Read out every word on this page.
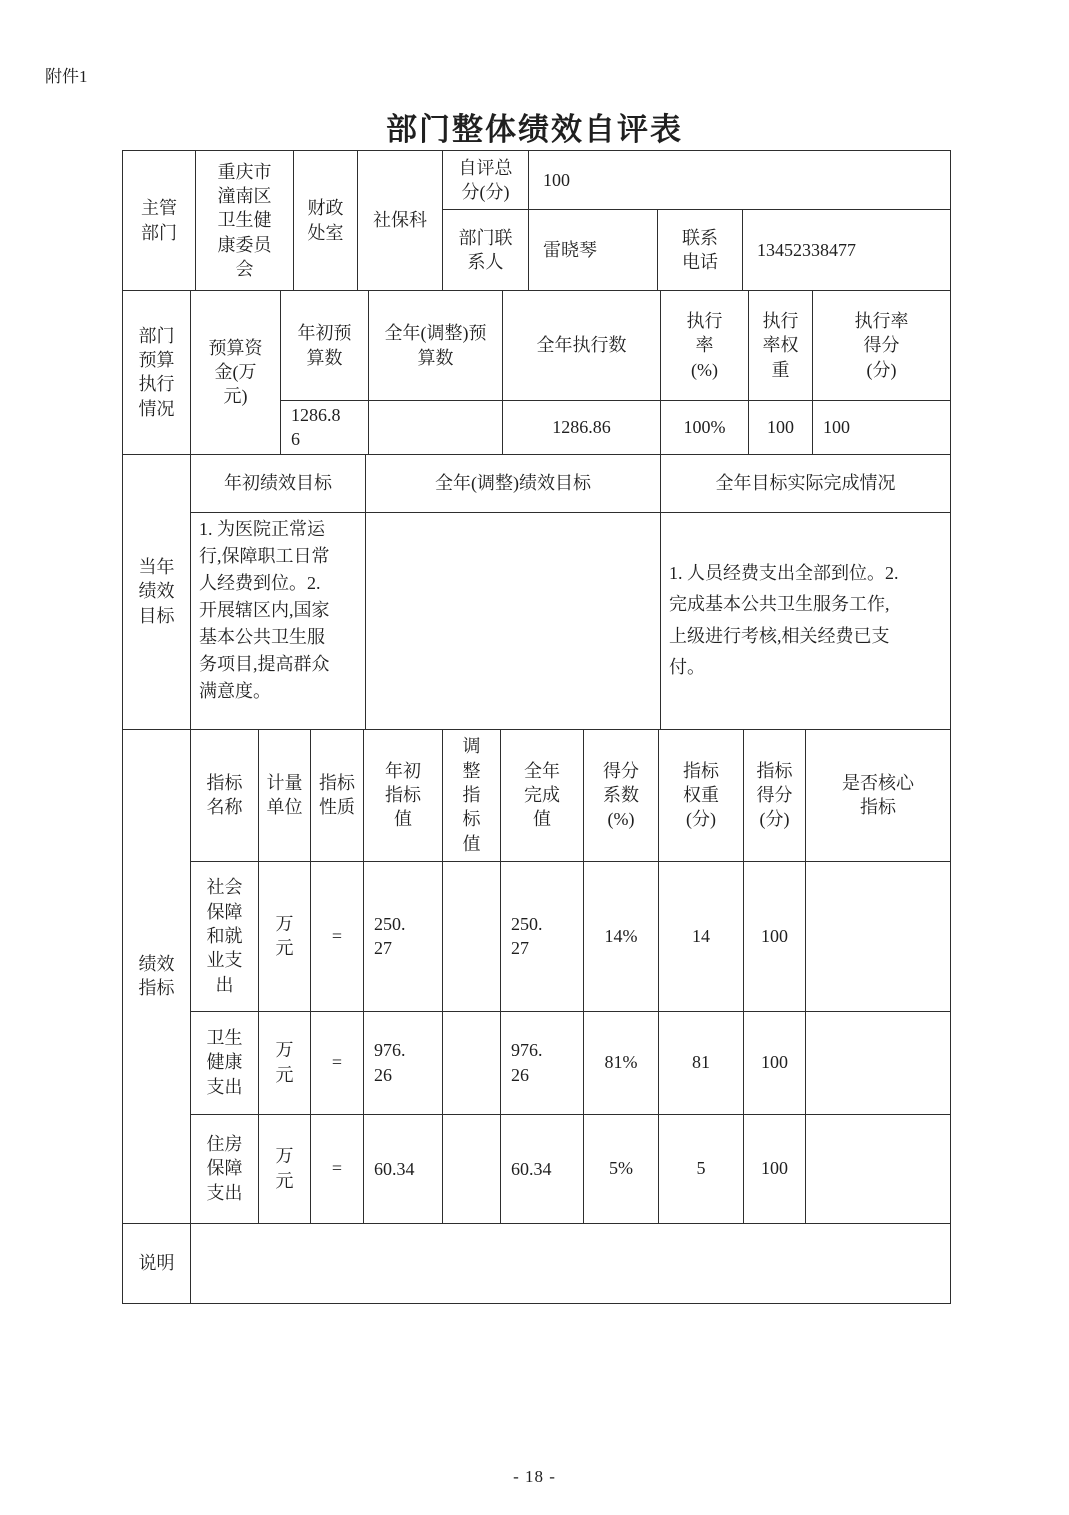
附件1
部门整体绩效自评表
主管部门	重庆市潼南区卫生健康委员会	财政处室	社保科	自评总分(分)	100		
				部门联系人	雷晓琴	联系电话	13452338477
部门预算执行情况	预算资金(万元)	年初预算数	全年(调整)预算数	全年执行数	执行率(%)	执行率权重	执行率得分(分)
		1286.86		1286.86	100%	100	100
当年绩效目标	年初绩效目标	全年(调整)绩效目标	全年目标实际完成情况

	1. 为医院正常运行,保障职工日常人经费到位。2. 开展辖区内,国家基本公共卫生服务项目,提高群众满意度。		1. 人员经费支出全部到位。2.完成基本公共卫生服务工作,上级进行考核,相关经费已支付。
绩效指标	指标名称	计量单位	指标性质	年初指标值	调整指标值	全年完成值	得分系数(%)	指标权重(分)	指标得分(分)	是否核心指标
	社会保障和就业支出	万元	=	250.27		250.27	14%	14	100	
	卫生健康支出	万元	=	976.26		976.26	81%	81	100	
	住房保障支出	万元	=	60.34		60.34	5%	5	100	
说明	
- 18 -
